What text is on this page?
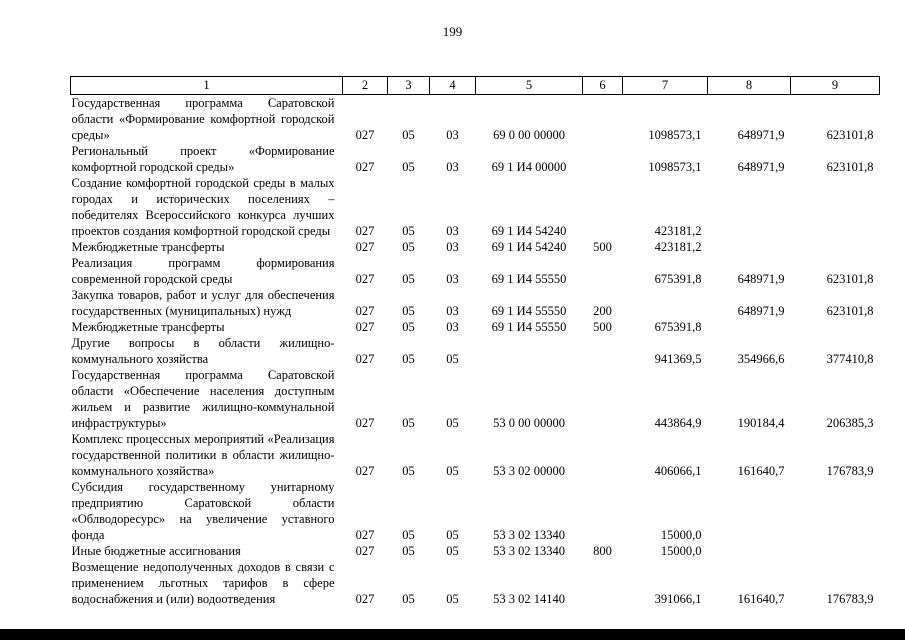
199
1	2	3	4	5	6	7	8	9
Государственная программа Саратовской области «Формирование комфортной городской среды»	027	05	03	69 0 00 00000		1098573,1	648971,9	623101,8
Региональный проект «Формирование комфортной городской среды»	027	05	03	69 1 И4 00000		1098573,1	648971,9	623101,8
Создание комфортной городской среды в малых городах и исторических поселениях – победителях Всероссийского конкурса лучших проектов создания комфортной городской среды	027	05	03	69 1 И4 54240		423181,2		
Межбюджетные трансферты	027	05	03	69 1 И4 54240	500	423181,2		
Реализация программ формирования современной городской среды	027	05	03	69 1 И4 55550		675391,8	648971,9	623101,8
Закупка товаров, работ и услуг для обеспечения государственных (муниципальных) нужд	027	05	03	69 1 И4 55550	200		648971,9	623101,8
Межбюджетные трансферты	027	05	03	69 1 И4 55550	500	675391,8		
Другие вопросы в области жилищно-коммунального хозяйства	027	05	05			941369,5	354966,6	377410,8
Государственная программа Саратовской области «Обеспечение населения доступным жильем и развитие жилищно-коммунальной инфраструктуры»	027	05	05	53 0 00 00000		443864,9	190184,4	206385,3
Комплекс процессных мероприятий «Реализация государственной политики в области жилищно-коммунального хозяйства»	027	05	05	53 3 02 00000		406066,1	161640,7	176783,9
Субсидия государственному унитарному предприятию Саратовской области «Облводоресурс» на увеличение уставного фонда	027	05	05	53 3 02 13340		15000,0		
Иные бюджетные ассигнования	027	05	05	53 3 02 13340	800	15000,0		
Возмещение недополученных доходов в связи с применением льготных тарифов в сфере водоснабжения и (или) водоотведения	027	05	05	53 3 02 14140		391066,1	161640,7	176783,9
